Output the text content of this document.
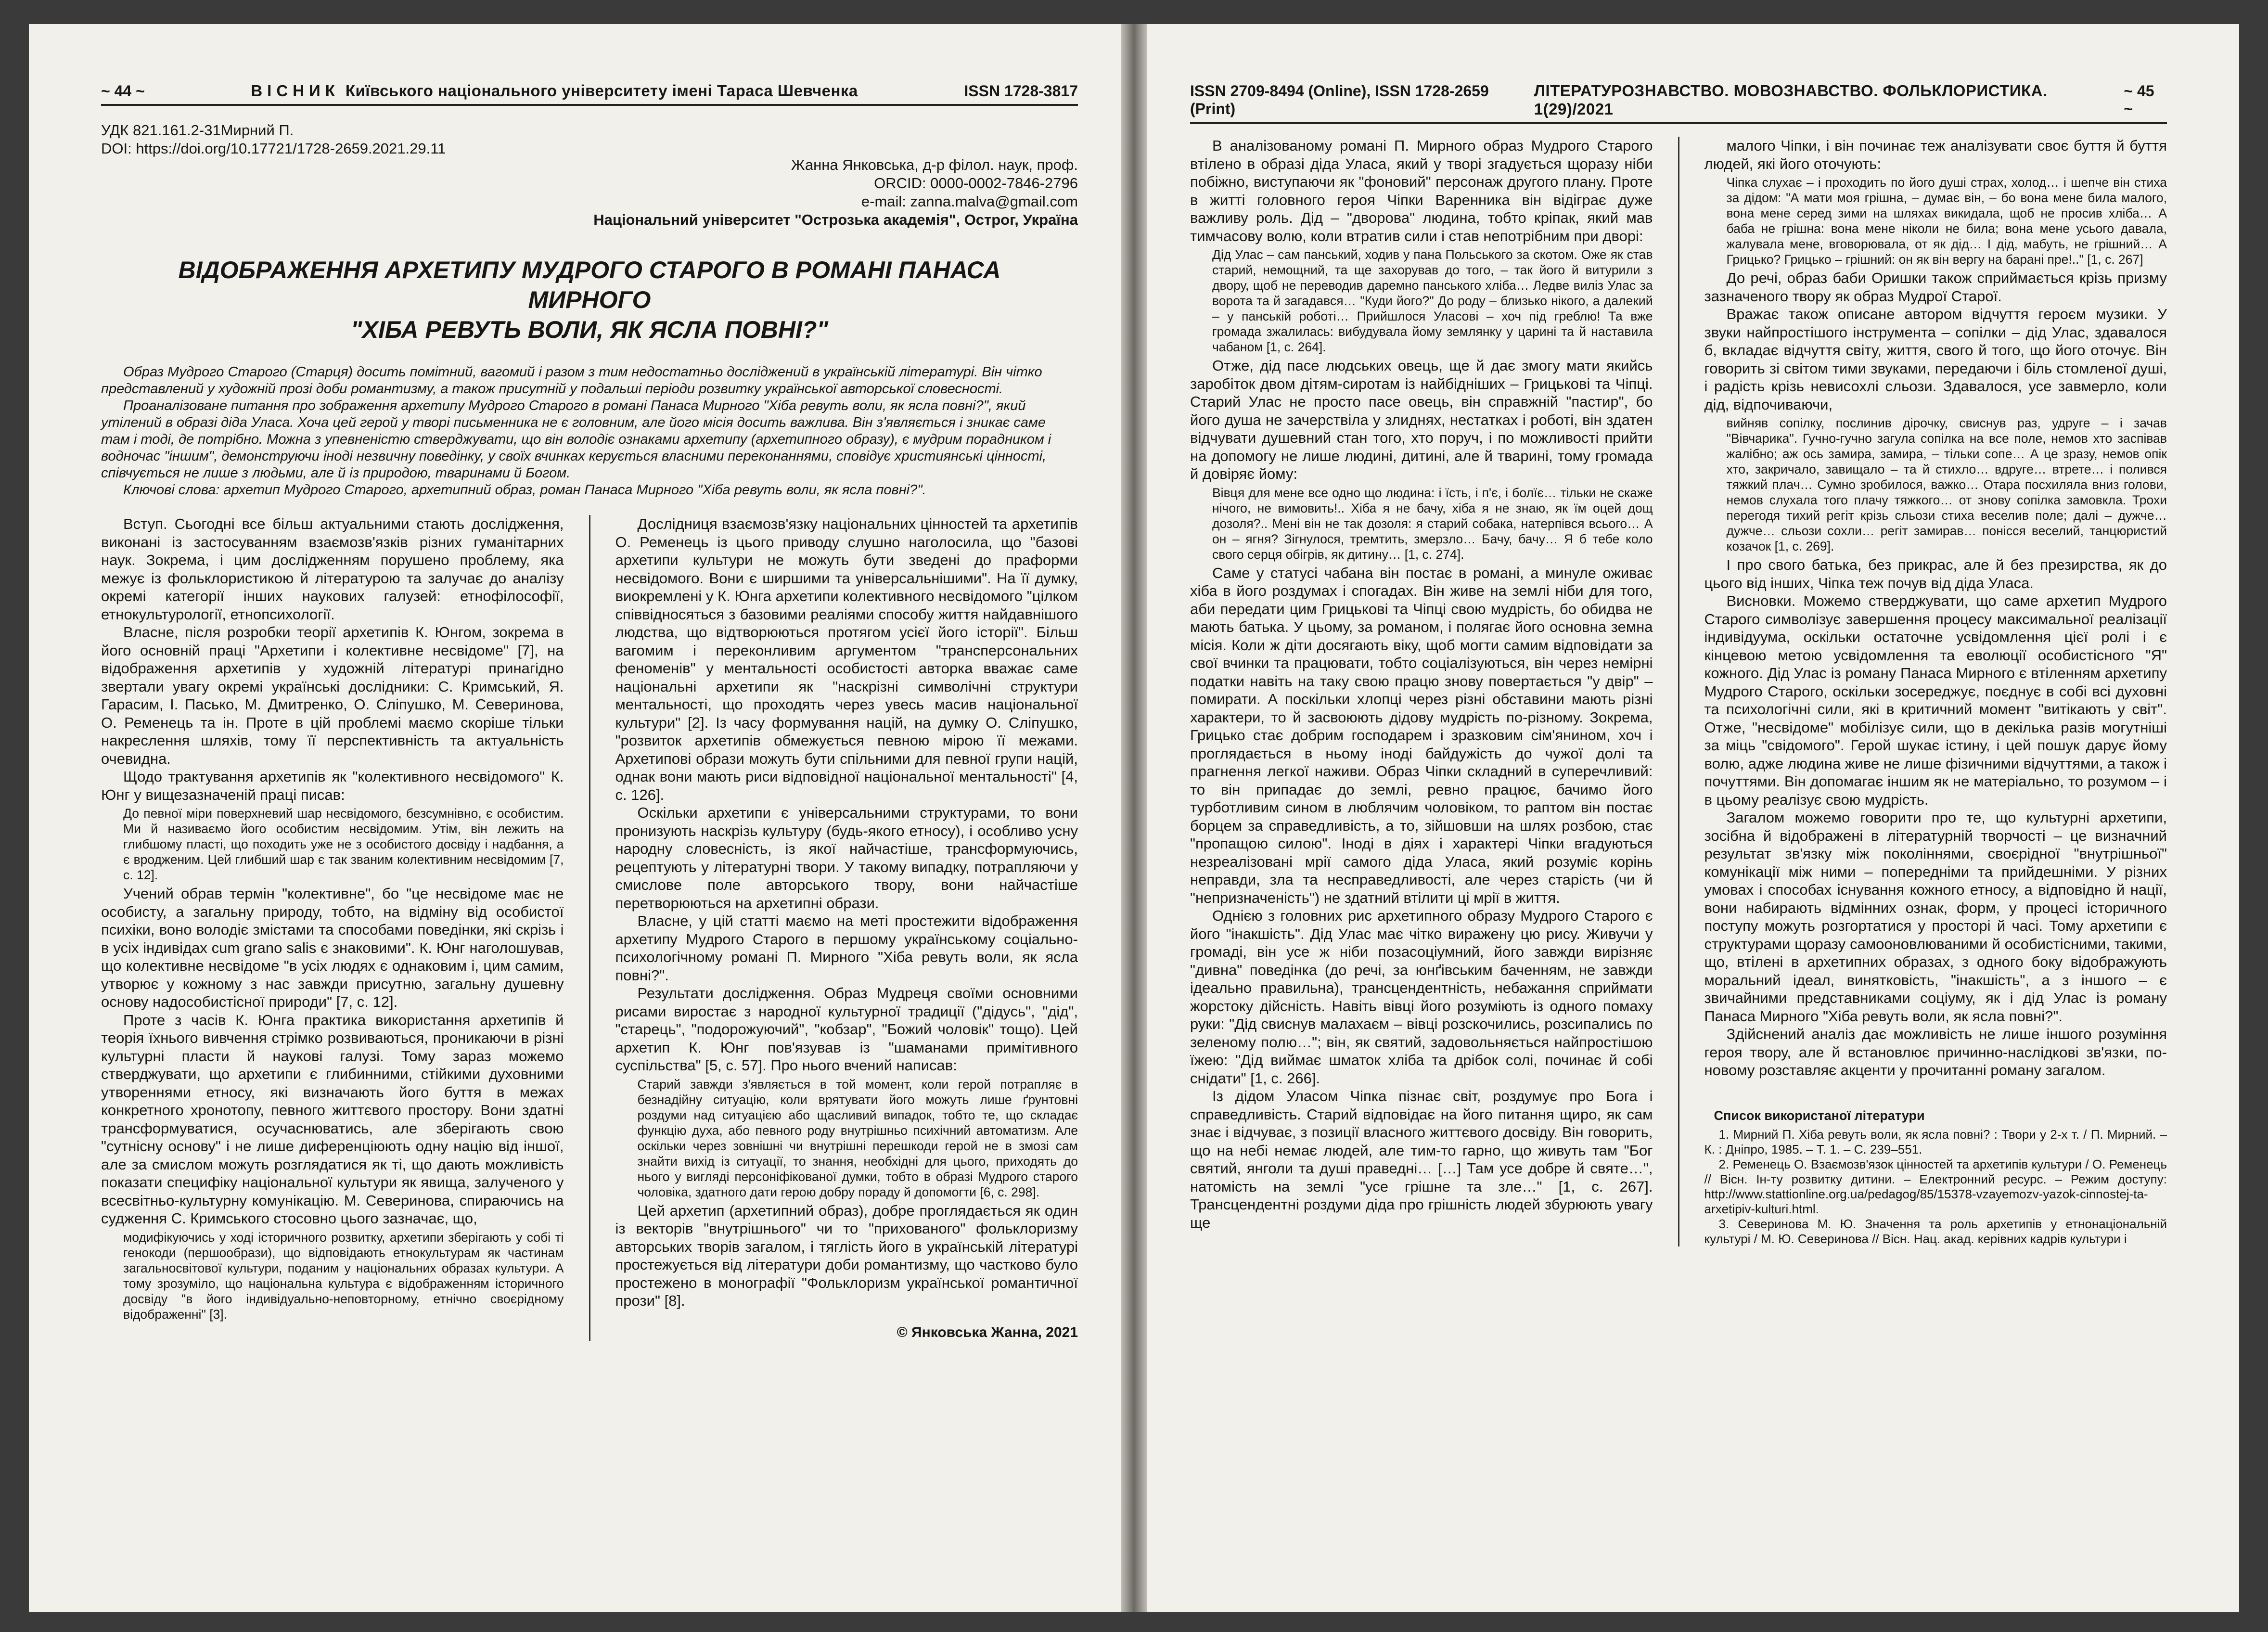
~ 44 ~	ВІСНИК Київського національного університету імені Тараса Шевченка	ISSN 1728-3817
УДК 821.161.2-31Мирний П.
DOI: https://doi.org/10.17721/1728-2659.2021.29.11
Жанна Янковська, д-р філол. наук, проф.
ORCID: 0000-0002-7846-2796
e-mail: zanna.malva@gmail.com
Національний університет "Острозька академія", Острог, Україна
ВІДОБРАЖЕННЯ АРХЕТИПУ МУДРОГО СТАРОГО В РОМАНІ ПАНАСА МИРНОГО
"ХІБА РЕВУТЬ ВОЛИ, ЯК ЯСЛА ПОВНІ?"

Образ Мудрого Старого (Старця) досить помітний, вагомий і разом з тим недостатньо досліджений в українській літературі. Він чітко представлений у художній прозі доби романтизму, а також присутній у подальші періоди розвитку української авторської словесності.

Проаналізоване питання про зображення архетипу Мудрого Старого в романі Панаса Мирного "Хіба ревуть воли, як ясла повні?", який утілений в образі діда Уласа. Хоча цей герой у творі письменника не є головним, але його місія досить важлива. Він з'являється і зникає саме там і тоді, де потрібно. Можна з упевненістю стверджувати, що він володіє ознаками архетипу (архетипного образу), є мудрим порадником і водночас "іншим", демонструючи іноді незвичну поведінку, у своїх вчинках керується власними переконаннями, сповідує християнські цінності, співчується не лише з людьми, але й із природою, тваринами й Богом.

Ключові слова: архетип Мудрого Старого, архетипний образ, роман Панаса Мирного "Хіба ревуть воли, як ясла повні?".

Вступ. Сьогодні все більш актуальними стають дослідження, виконані із застосуванням взаємозв'язків різних гуманітарних наук. Зокрема, і цим дослідженням порушено проблему, яка межує із фольклористикою й літературою та залучає до аналізу окремі категорії інших наукових галузей: етнофілософії, етнокультурології, етнопсихології.

Власне, після розробки теорії архетипів К. Юнгом, зокрема в його основній праці "Архетипи і колективне несвідоме" [7], на відображення архетипів у художній літературі принагідно звертали увагу окремі українські дослідники: С. Кримський, Я. Гарасим, І. Пасько, М. Дмитренко, О. Сліпушко, М. Северинова, О. Ременець та ін. Проте в цій проблемі маємо скоріше тільки накреслення шляхів, тому її перспективність та актуальність очевидна.

Щодо трактування архетипів як "колективного несвідомого" К. Юнг у вищезазначеній праці писав:

До певної міри поверхневий шар несвідомого, безсумнівно, є особистим. Ми й називаємо його особистим несвідомим. Утім, він лежить на глибшому пласті, що походить уже не з особистого досвіду і надбання, а є вродженим. Цей глибший шар є так званим колективним несвідомим [7, с. 12].

Учений обрав термін "колективне", бо "це несвідоме має не особисту, а загальну природу, тобто, на відміну від особистої психіки, воно володіє змістами та способами поведінки, які скрізь і в усіх індивідах cum grano salis є знаковими". К. Юнг наголошував, що колективне несвідоме "в усіх людях є однаковим і, цим самим, утворює у кожному з нас завжди присутню, загальну душевну основу надособистісної природи" [7, с. 12].

Проте з часів К. Юнга практика використання архетипів й теорія їхнього вивчення стрімко розвиваються, проникаючи в різні культурні пласти й наукові галузі. Тому зараз можемо стверджувати, що архетипи є глибинними, стійкими духовними утвореннями етносу, які визначають його буття в межах конкретного хронотопу, певного життєвого простору. Вони здатні трансформуватися, осучаснюватись, але зберігають свою "сутнісну основу" і не лише диференціюють одну націю від іншої, але за смислом можуть розглядатися як ті, що дають можливість показати специфіку національної культури як явища, залученого у всесвітньо-культурну комунікацію. М. Северинова, спираючись на судження С. Кримського стосовно цього зазначає, що,

модифікуючись у ході історичного розвитку, архетипи зберігають у собі ті генокоди (першообрази), що відповідають етнокультурам як частинам загальносвітової культури, поданим у національних образах культури. А тому зрозуміло, що національна культура є відображенням історичного досвіду "в його індивідуально-неповторному, етнічно своєрідному відображенні" [3].

Дослідниця взаємозв'язку національних цінностей та архетипів О. Ременець із цього приводу слушно наголосила, що "базові архетипи культури не можуть бути зведені до праформи несвідомого. Вони є ширшими та універсальнішими". На її думку, виокремлені у К. Юнга архетипи колективного несвідомого "цілком співвідносяться з базовими реаліями способу життя найдавнішого людства, що відтворюються протягом усієї його історії". Більш вагомим і переконливим аргументом "трансперсональних феноменів" у ментальності особистості авторка вважає саме національні архетипи як "наскрізні символічні структури ментальності, що проходять через увесь масив національної культури" [2]. Із часу формування націй, на думку О. Сліпушко, "розвиток архетипів обмежується певною мірою її межами. Архетипові образи можуть бути спільними для певної групи націй, однак вони мають риси відповідної національної ментальності" [4, с. 126].

Оскільки архетипи є універсальними структурами, то вони пронизують наскрізь культуру (будь-якого етносу), і особливо усну народну словесність, із якої найчастіше, трансформуючись, рецептують у літературні твори. У такому випадку, потрапляючи у смислове поле авторського твору, вони найчастіше перетворюються на архетипні образи.

Власне, у цій статті маємо на меті простежити відображення архетипу Мудрого Старого в першому українському соціально-психологічному романі П. Мирного "Хіба ревуть воли, як ясла повні?".

Результати дослідження. Образ Мудреця своїми основними рисами виростає з народної культурної традиції ("дідусь", "дід", "старець", "подорожуючий", "кобзар", "Божий чоловік" тощо). Цей архетип К. Юнг пов'язував із "шаманами примітивного суспільства" [5, с. 57]. Про нього вчений написав:

Старий завжди з'являється в той момент, коли герой потрапляє в безнадійну ситуацію, коли врятувати його можуть лише ґрунтовні роздуми над ситуацією або щасливий випадок, тобто те, що складає функцію духа, або певного роду внутрішньо психічний автоматизм. Але оскільки через зовнішні чи внутрішні перешкоди герой не в змозі сам знайти вихід із ситуації, то знання, необхідні для цього, приходять до нього у вигляді персоніфікованої думки, тобто в образі Мудрого старого чоловіка, здатного дати герою добру пораду й допомогти [6, с. 298].

Цей архетип (архетипний образ), добре проглядається як один із векторів "внутрішнього" чи то "прихованого" фольклоризму авторських творів загалом, і тяглість його в українській літературі простежується від літератури доби романтизму, що частково було простежено в монографії "Фольклоризм української романтичної прози" [8].

© Янковська Жанна, 2021
ISSN 2709-8494 (Online), ISSN 1728-2659 (Print)
ЛІТЕРАТУРОЗНАВСТВО. МОВОЗНАВСТВО. ФОЛЬКЛОРИСТИКА. 1(29)/2021
~ 45 ~

В аналізованому романі П. Мирного образ Мудрого Старого втілено в образі діда Уласа, який у творі згадується щоразу ніби побіжно, виступаючи як "фоновий" персонаж другого плану. Проте в житті головного героя Чіпки Варенника він відіграє дуже важливу роль. Дід – "дворова" людина, тобто кріпак, який мав тимчасову волю, коли втратив сили і став непотрібним при дворі:

Дід Улас – сам панський, ходив у пана Польського за скотом. Оже як став старий, немощний, та ще захорував до того, – так його й витурили з двору, щоб не переводив даремно панського хліба… Ледве виліз Улас за ворота та й загадався… "Куди його?" До роду – близько нікого, а далекий – у панській роботі… Прийшлося Уласові – хоч під греблю! Та вже громада зжалилась: вибудувала йому землянку у царині та й наставила чабаном [1, с. 264].

Отже, дід пасе людських овець, ще й дає змогу мати якийсь заробіток двом дітям-сиротам із найбідніших – Грицькові та Чіпці. Старий Улас не просто пасе овець, він справжній "пастир", бо його душа не зачерствіла у злиднях, нестатках і роботі, він здатен відчувати душевний стан того, хто поруч, і по можливості прийти на допомогу не лише людині, дитині, але й тварині, тому громада й довіряє йому:

Вівця для мене все одно що людина: і їсть, і п'є, і болїє… тільки не скаже нічого, не вимовить!.. Хіба я не бачу, хіба я не знаю, як їм оцей дощ дозоля?.. Мені він не так дозоля: я старий собака, натерпівся всього… А он – ягня? Зігнулося, тремтить, змерзло… Бачу, бачу… Я б тебе коло свого серця обігрів, як дитину… [1, с. 274].

Саме у статусі чабана він постає в романі, а минуле оживає хіба в його роздумах і спогадах. Він живе на землі ніби для того, аби передати цим Грицькові та Чіпці свою мудрість, бо обидва не мають батька. У цьому, за романом, і полягає його основна земна місія. Коли ж діти досягають віку, щоб могти самим відповідати за свої вчинки та працювати, тобто соціалізуються, він через немірні податки навіть на таку свою працю знову повертається "у двір" – помирати. А поскільки хлопці через різні обставини мають різні характери, то й засвоюють дідову мудрість по-різному. Зокрема, Грицько стає добрим господарем і зразковим сім'янином, хоч і проглядається в ньому іноді байдужість до чужої долі та прагнення легкої наживи. Образ Чіпки складний в суперечливий: то він припадає до землі, ревно працює, бачимо його турботливим сином в люблячим чоловіком, то раптом він постає борцем за справедливість, а то, зійшовши на шлях розбою, стає "пропащою силою". Іноді в діях і характері Чіпки вгадуються незреалізовані мрії самого діда Уласа, який розуміє корінь неправди, зла та несправедливості, але через старість (чи й "непризначеність") не здатний втілити ці мрії в життя.

Однією з головних рис архетипного образу Мудрого Старого є його "інакшість". Дід Улас має чітко виражену цю рису. Живучи у громаді, він усе ж ніби позасоціумний, його завжди вирізняє "дивна" поведінка (до речі, за юнґівським баченням, не завжди ідеально правильна), трансцендентність, небажання сприймати жорстоку дійсність. Навіть вівці його розуміють із одного помаху руки: "Дід свиснув малахаєм – вівці розскочились, розсипались по зеленому полю…"; він, як святий, задовольняється найпростішою їжею: "Дід виймає шматок хліба та дрібок солі, починає й собі снідати" [1, с. 266].

Із дідом Уласом Чіпка пізнає світ, роздумує про Бога і справедливість. Старий відповідає на його питання щиро, як сам знає і відчуває, з позиції власного життєвого досвіду. Він говорить, що на небі немає людей, але тим-то гарно, що живуть там "Бог святий, янголи та душі праведні… […] Там усе добре й святе…", натомість на землі "усе грішне та зле…" [1, с. 267]. Трансцендентні роздуми діда про грішність людей збурюють увагу ще

малого Чіпки, і він починає теж аналізувати своє буття й буття людей, які його оточують:

Чіпка слухає – і проходить по його душі страх, холод… і шепче він стиха за дідом: "А мати моя грішна, – думає він, – бо вона мене била малого, вона мене серед зими на шляхах викидала, щоб не просив хліба… А баба не грішна: вона мене ніколи не била; вона мене усього давала, жалувала мене, вговорювала, от як дід… І дід, мабуть, не грішний… А Грицько? Грицько – грішний: он як він вергу на барані пре!.." [1, с. 267]

До речі, образ баби Оришки також сприймається крізь призму зазначеного твору як образ Мудрої Старої.

Вражає також описане автором відчуття героєм музики. У звуки найпростішого інструмента – сопілки – дід Улас, здавалося б, вкладає відчуття світу, життя, свого й того, що його оточує. Він говорить зі світом тими звуками, передаючи і біль стомленої душі, і радість крізь невисохлі сльози. Здавалося, усе завмерло, коли дід, відпочиваючи,

вийняв сопілку, послинив дірочку, свиснув раз, удруге – і зачав "Вівчарика". Гучно-гучно загула сопілка на все поле, немов хто заспівав жалібно; аж ось замира, замира, – тільки сопе… А це зразу, немов опік хто, закричало, завищало – та й стихло… вдруге… втрете… і полився тяжкий плач… Сумно зробилося, важко… Отара посхиляла вниз голови, немов слухала того плачу тяжкого… от знову сопілка замовкла. Трохи перегодя тихий регіт крізь сльози стиха веселив поле; далі – дужче… дужче… сльози сохли… регіт замирав… понісся веселий, танцюристий козачок [1, с. 269].

І про свого батька, без прикрас, але й без презирства, як до цього від інших, Чіпка теж почув від діда Уласа.

Висновки. Можемо стверджувати, що саме архетип Мудрого Старого символізує завершення процесу максимальної реалізації індивідуума, оскільки остаточне усвідомлення цієї ролі і є кінцевою метою усвідомлення та еволюції особистісного "Я" кожного. Дід Улас із роману Панаса Мирного є втіленням архетипу Мудрого Старого, оскільки зосереджує, поєднує в собі всі духовні та психологічні сили, які в критичний момент "витікають у світ". Отже, "несвідоме" мобілізує сили, що в декілька разів могутніші за міць "свідомого". Герой шукає істину, і цей пошук дарує йому волю, адже людина живе не лише фізичними відчуттями, а також і почуттями. Він допомагає іншим як не матеріально, то розумом – і в цьому реалізує свою мудрість.

Загалом можемо говорити про те, що культурні архетипи, зосібна й відображені в літературній творчості – це визначний результат зв'язку між поколіннями, своєрідної "внутрішньої" комунікації між ними – попередніми та прийдешніми. У різних умовах і способах існування кожного етносу, а відповідно й нації, вони набирають відмінних ознак, форм, у процесі історичного поступу можуть розгортатися у просторі й часі. Тому архетипи є структурами щоразу самооновлюваними й особистісними, такими, що, втілені в архетипних образах, з одного боку відображують моральний ідеал, винятковість, "інакшість", а з іншого – є звичайними представниками соціуму, як і дід Улас із роману Панаса Мирного "Хіба ревуть воли, як ясла повні?".

Здійснений аналіз дає можливість не лише іншого розуміння героя твору, але й встановлює причинно-наслідкові зв'язки, по-новому розставляє акценти у прочитанні роману загалом.

Список використаної літератури

1. Мирний П. Хіба ревуть воли, як ясла повні? : Твори у 2-х т. / П. Мирний. – К. : Дніпро, 1985. – Т. 1. – С. 239–551.

2. Ременець О. Взаємозв'язок цінностей та архетипів культури / О. Ременець // Вісн. Ін-ту розвитку дитини. – Електронний ресурс. – Режим доступу: http://www.stattionline.org.ua/pedagog/85/15378-vzayemozv-yazok-cinnostej-ta-arxetipiv-kulturi.html.

3. Северинова М. Ю. Значення та роль архетипів у етнонаціональній культурі / М. Ю. Северинова // Вісн. Нац. акад. керівних кадрів культури і
